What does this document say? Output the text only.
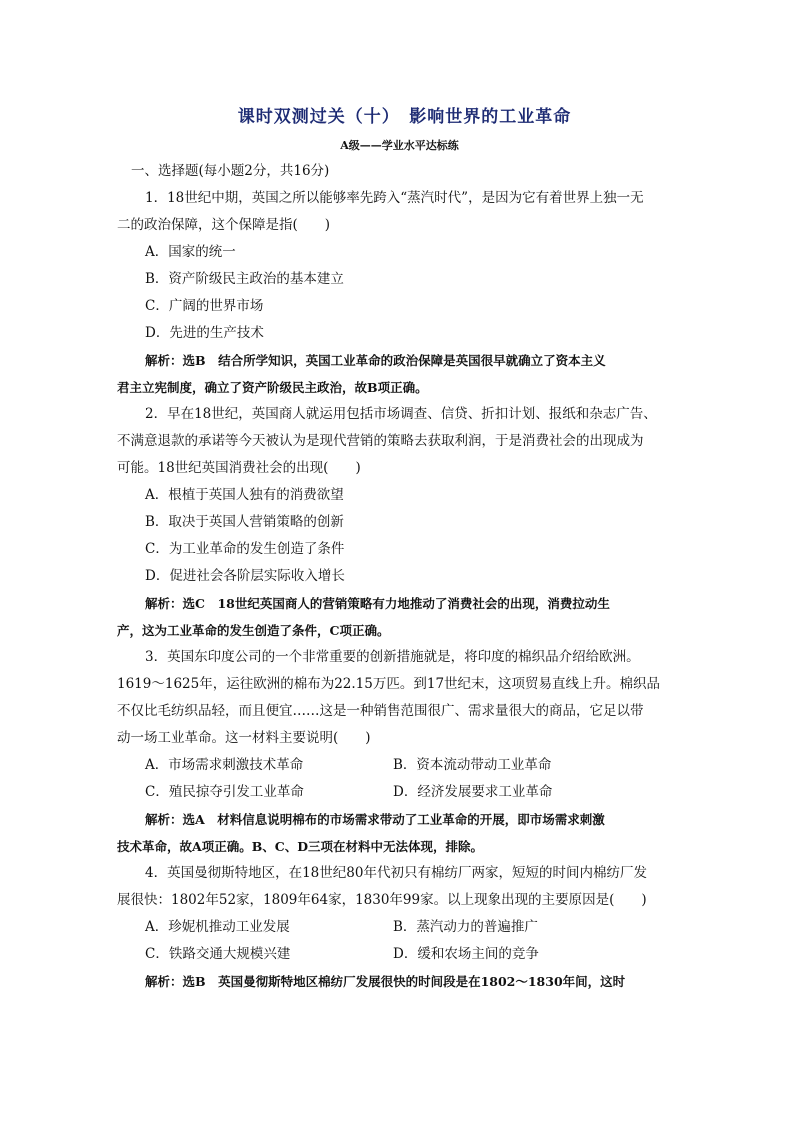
课时双测过关（十）　影响世界的工业革命
A级——学业水平达标练
一、选择题(每小题2分，共16分)
1．18世纪中期，英国之所以能够率先跨入“蒸汽时代”，是因为它有着世界上独一无
二的政治保障，这个保障是指(　　)
A．国家的统一
B．资产阶级民主政治的基本建立
C．广阔的世界市场
D．先进的生产技术
解析：选B　结合所学知识，英国工业革命的政治保障是英国很早就确立了资本主义
君主立宪制度，确立了资产阶级民主政治，故B项正确。
2．早在18世纪，英国商人就运用包括市场调查、信贷、折扣计划、报纸和杂志广告、
不满意退款的承诺等今天被认为是现代营销的策略去获取利润，于是消费社会的出现成为
可能。18世纪英国消费社会的出现(　　)
A．根植于英国人独有的消费欲望
B．取决于英国人营销策略的创新
C．为工业革命的发生创造了条件
D．促进社会各阶层实际收入增长
解析：选C　18世纪英国商人的营销策略有力地推动了消费社会的出现，消费拉动生
产，这为工业革命的发生创造了条件，C项正确。
3．英国东印度公司的一个非常重要的创新措施就是，将印度的棉织品介绍给欧洲。
1619～1625年，运往欧洲的棉布为22.15万匹。到17世纪末，这项贸易直线上升。棉织品
不仅比毛纺织品轻，而且便宜……这是一种销售范围很广、需求量很大的商品，它足以带
动一场工业革命。这一材料主要说明(　　)
A．市场需求刺激技术革命	B．资本流动带动工业革命
C．殖民掠夺引发工业革命	D．经济发展要求工业革命
解析：选A　材料信息说明棉布的市场需求带动了工业革命的开展，即市场需求刺激
技术革命，故A项正确。B、C、D三项在材料中无法体现，排除。
4．英国曼彻斯特地区，在18世纪80年代初只有棉纺厂两家，短短的时间内棉纺厂发
展很快：1802年52家，1809年64家，1830年99家。以上现象出现的主要原因是(　　)
A．珍妮机推动工业发展	B．蒸汽动力的普遍推广
C．铁路交通大规模兴建	D．缓和农场主间的竞争
解析：选B　英国曼彻斯特地区棉纺厂发展很快的时间段是在1802～1830年间，这时
